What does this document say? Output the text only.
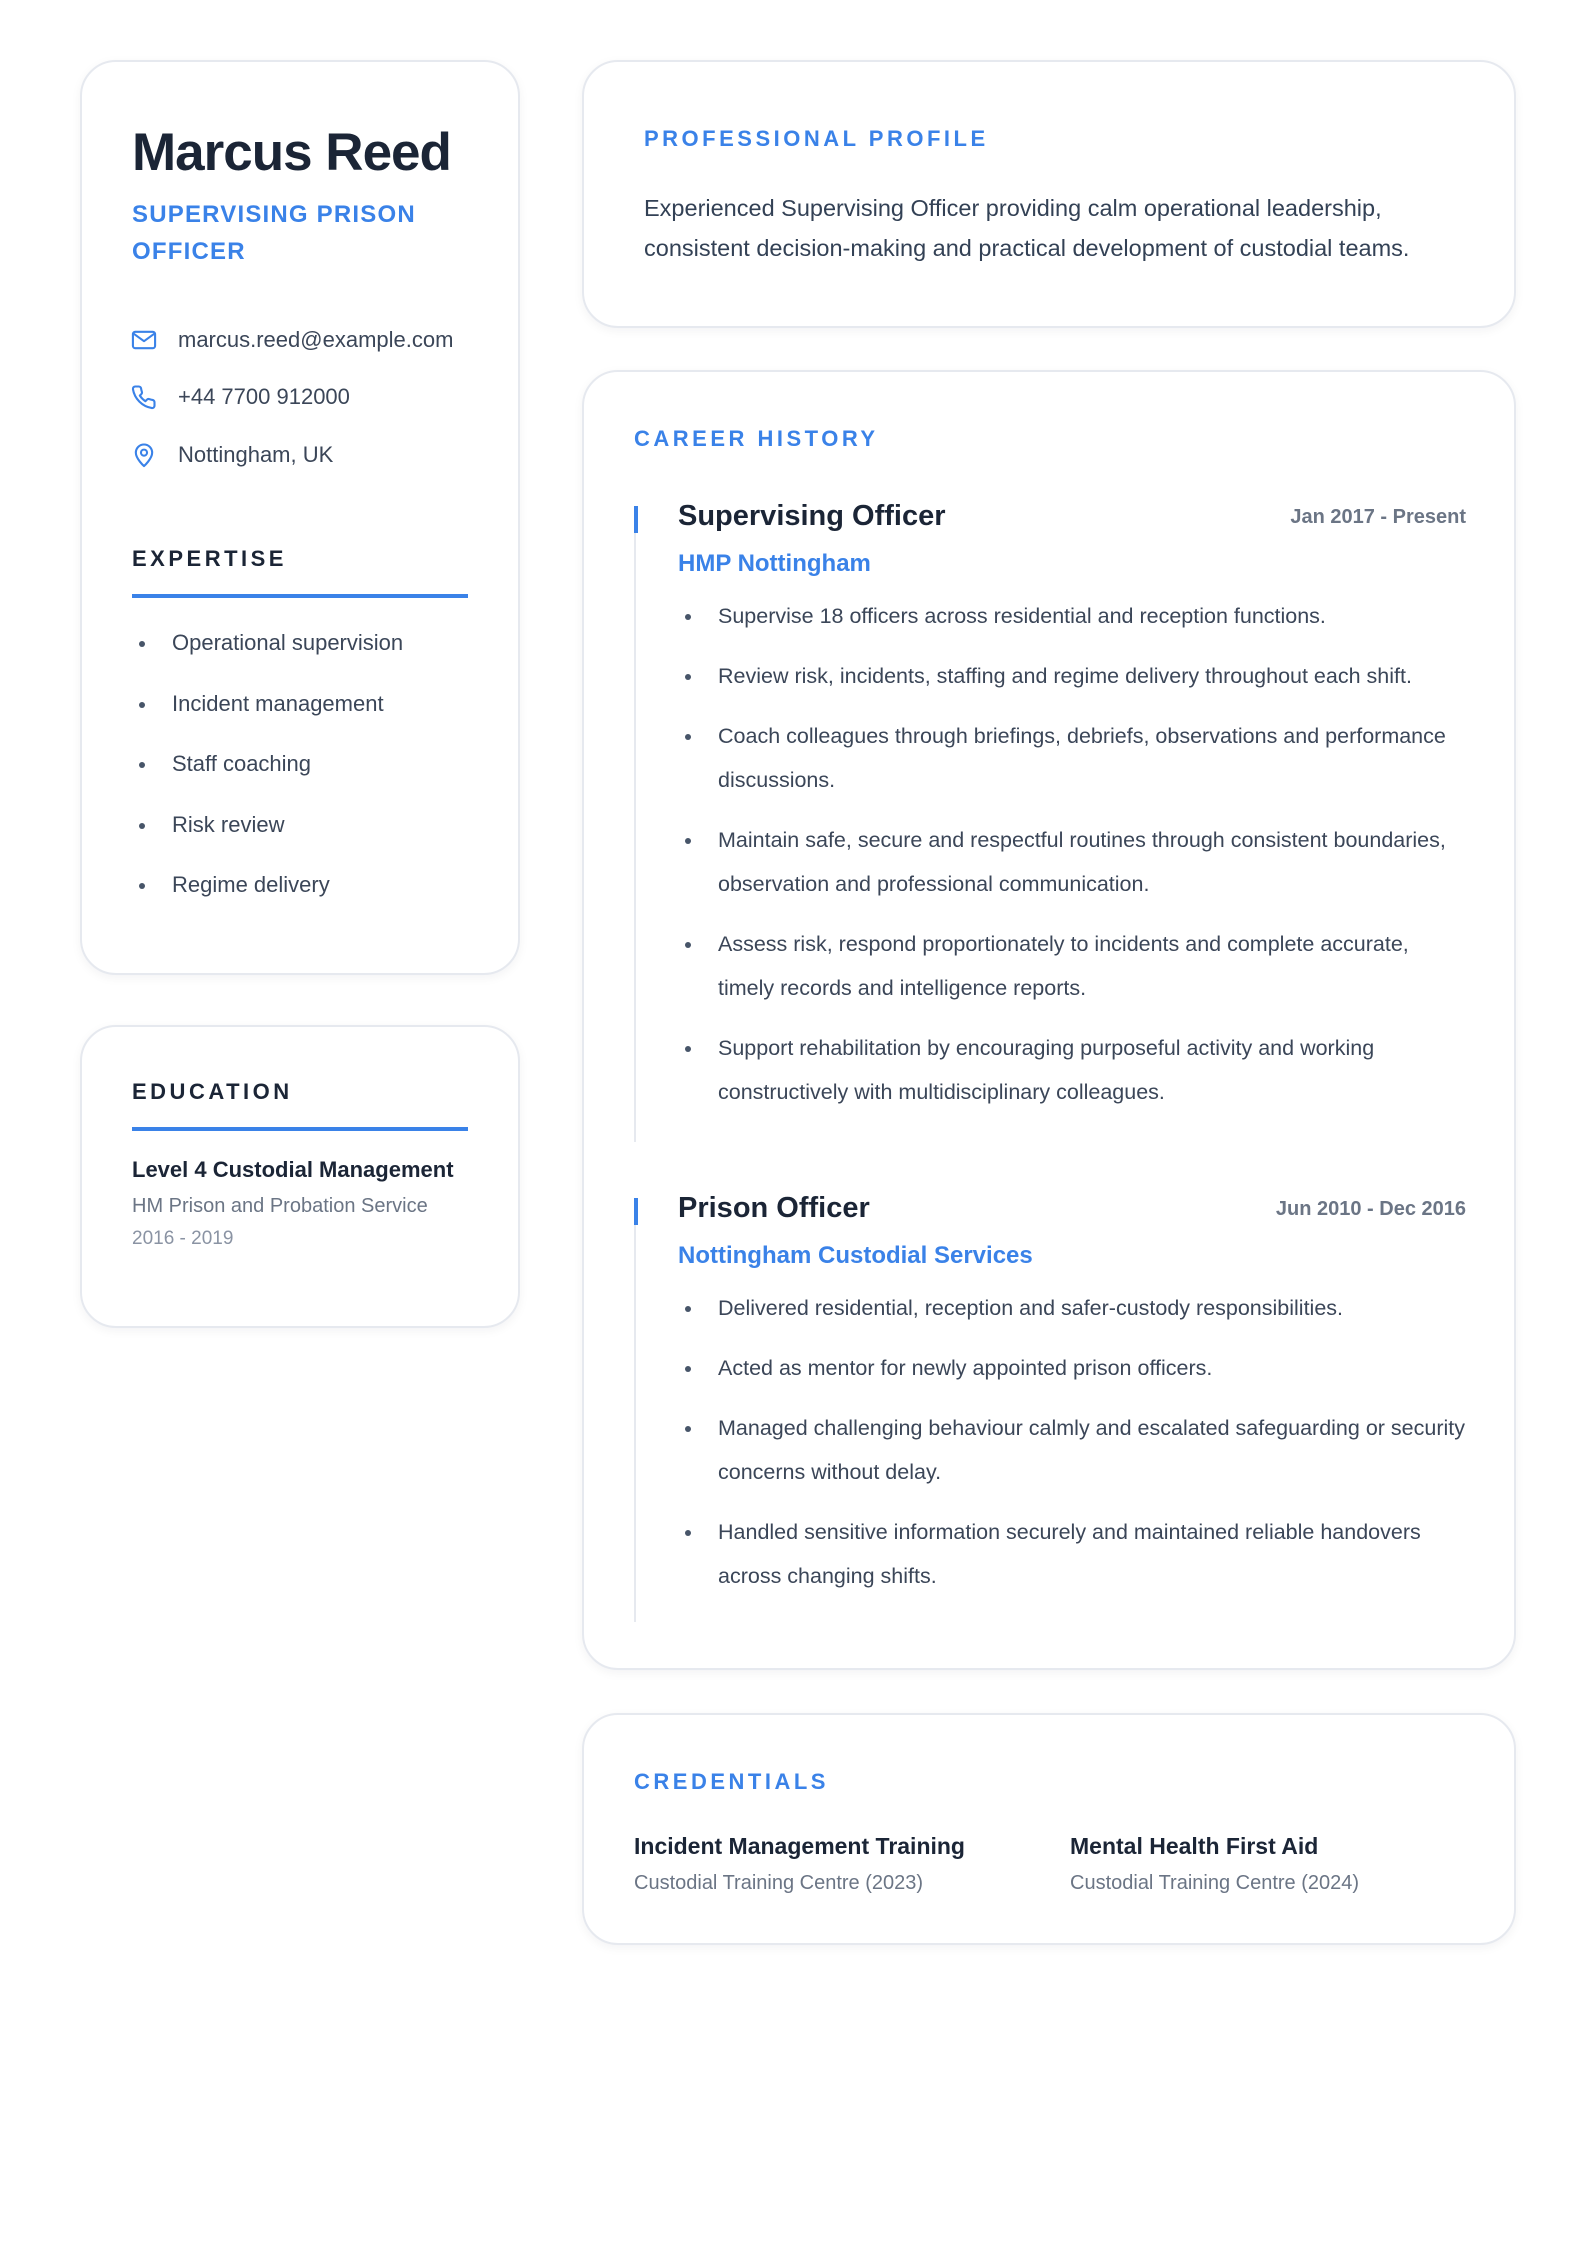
Marcus Reed
SUPERVISING PRISON OFFICER
marcus.reed@example.com
+44 7700 912000
Nottingham, UK
EXPERTISE
Operational supervision
Incident management
Staff coaching
Risk review
Regime delivery
EDUCATION
Level 4 Custodial Management
HM Prison and Probation Service
2016 - 2019
PROFESSIONAL PROFILE
Experienced Supervising Officer providing calm operational leadership, consistent decision-making and practical development of custodial teams.
CAREER HISTORY
Supervising Officer	Jan 2017 - Present
HMP Nottingham
Supervise 18 officers across residential and reception functions.
Review risk, incidents, staffing and regime delivery throughout each shift.
Coach colleagues through briefings, debriefs, observations and performance discussions.
Maintain safe, secure and respectful routines through consistent boundaries, observation and professional communication.
Assess risk, respond proportionately to incidents and complete accurate, timely records and intelligence reports.
Support rehabilitation by encouraging purposeful activity and working constructively with multidisciplinary colleagues.
Prison Officer	Jun 2010 - Dec 2016
Nottingham Custodial Services
Delivered residential, reception and safer-custody responsibilities.
Acted as mentor for newly appointed prison officers.
Managed challenging behaviour calmly and escalated safeguarding or security concerns without delay.
Handled sensitive information securely and maintained reliable handovers across changing shifts.
CREDENTIALS
Incident Management Training
Custodial Training Centre (2023)
Mental Health First Aid
Custodial Training Centre (2024)
